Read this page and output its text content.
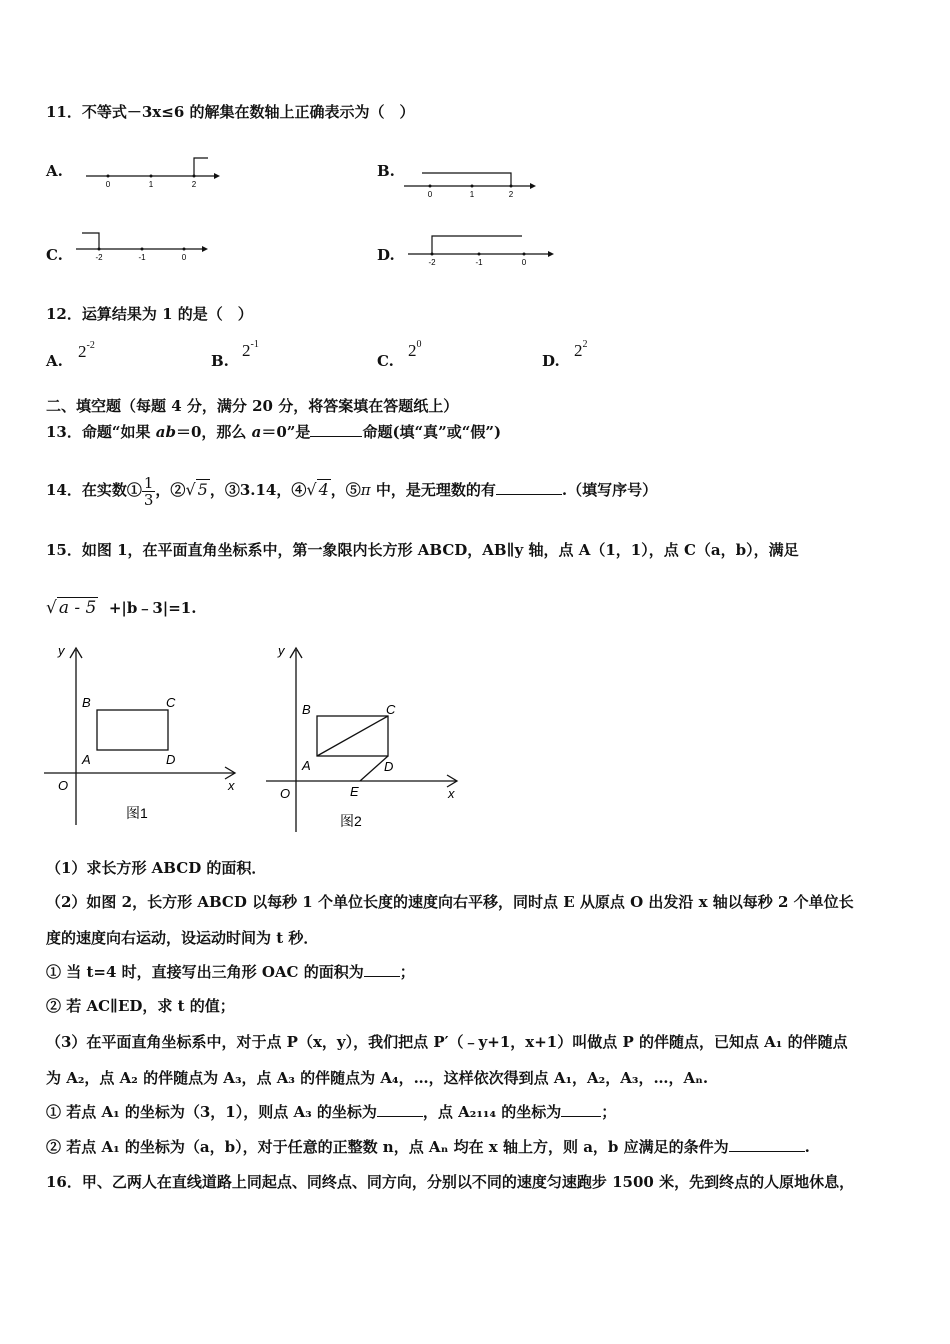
11．不等式－3x≤6 的解集在数轴上正确表示为（　）
A.
0	1	2
B.
0	1	2
C.	-2	-1	0	D.	-2	-1	0
12．运算结果为 1 的是（　）
A. $2^{-2}$
B.
$2^{-1}$
C.
$2^0$
D.
$2^2$
二、填空题（每题 4 分，满分 20 分，将答案填在答题纸上）
13．命题“如果 ab＝0，那么 a＝0”是	命题(填“真”或“假”)
14．在实数① $\frac{1}{3}$ ，②√ 5 ，③3.14，④√ 4 ，⑤π 中，是无理数的有	.（填写序号）
15．如图 1，在平面直角坐标系中，第一象限内长方形 ABCD，AB∥y 轴，点 A（1，1），点 C（a，b），满足
√ a - 5 +|b﹣3|=1.
y
x
O
B	C
A	D
图1
y
x
O
B	C
A	D
E
图2
（1）求长方形 ABCD 的面积．
（2）如图 2，长方形 ABCD 以每秒 1 个单位长度的速度向右平移，同时点 E 从原点 O 出发沿 x 轴以每秒 2 个单位长
度的速度向右运动，设运动时间为 t 秒．
① 当 t=4 时，直接写出三角形 OAC 的面积为 ；
② 若 AC∥ED，求 t 的值；
（3）在平面直角坐标系中，对于点 P（x，y），我们把点 P′（﹣y+1，x+1）叫做点 P 的伴随点，已知点 A₁ 的伴随点
为 A₂，点 A₂ 的伴随点为 A₃，点 A₃ 的伴随点为 A₄，…，这样依次得到点 A₁，A₂，A₃，…，Aₙ.
① 若点 A₁ 的坐标为（3，1），则点 A₃ 的坐标为	，点 A₂₁₁₄ 的坐标为	；
② 若点 A₁ 的坐标为（a，b），对于任意的正整数 n，点 Aₙ 均在 x 轴上方，则 a，b 应满足的条件为	.
16．甲、乙两人在直线道路上同起点、同终点、同方向，分别以不同的速度匀速跑步 1500 米，先到终点的人原地休息，
